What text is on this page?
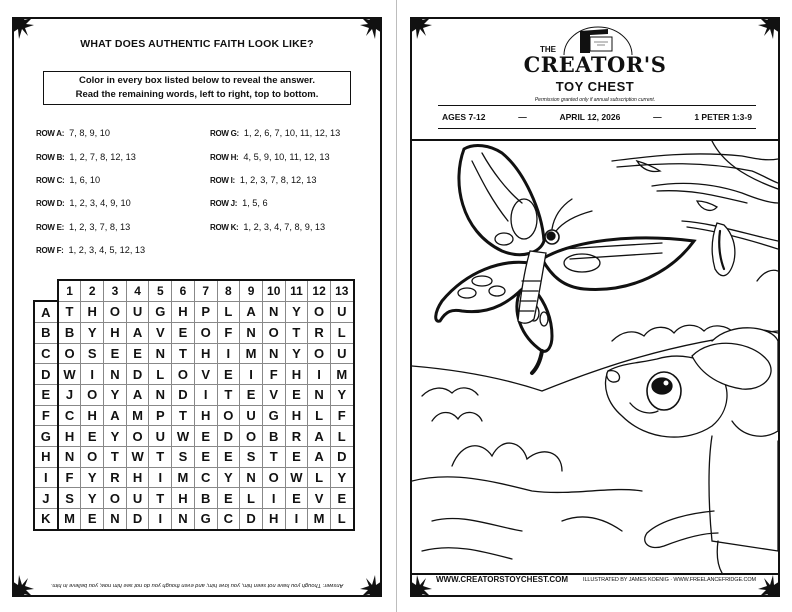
WHAT DOES AUTHENTIC FAITH LOOK LIKE?
Color in every box listed below to reveal the answer.
Read the remaining words, left to right, top to bottom.
ROW A: 7, 8, 9, 10
ROW B: 1, 2, 7, 8, 12, 13
ROW C: 1, 6, 10
ROW D: 1, 2, 3, 4, 9, 10
ROW E: 1, 2, 3, 7, 8, 13
ROW F: 1, 2, 3, 4, 5, 12, 13
ROW G: 1, 2, 6, 7, 10, 11, 12, 13
ROW H: 4, 5, 9, 10, 11, 12, 13
ROW I: 1, 2, 3, 7, 8, 12, 13
ROW J: 1, 5, 6
ROW K: 1, 2, 3, 4, 7, 8, 9, 13
	1	2	3	4	5	6	7	8	9	10	11	12	13
A	T	H	O	U	G	H	P	L	A	N	Y	O	U
B	B	Y	H	A	V	E	O	F	N	O	T	R	L
C	O	S	E	E	N	T	H	I	M	N	Y	O	U
D	W	I	N	D	L	O	V	E	I	F	H	I	M
E	J	O	Y	A	N	D	I	T	E	V	E	N	Y
F	C	H	A	M	P	T	H	O	U	G	H	L	F
G	H	E	Y	O	U	W	E	D	O	B	R	A	L
H	N	O	T	W	T	S	E	E	S	T	E	A	D
I	F	Y	R	H	I	M	C	Y	N	O	W	L	Y
J	S	Y	O	U	T	H	B	E	L	I	E	V	E
K	M	E	N	D	I	N	G	C	D	H	I	M	L
Answer: Though you have not seen him, you love him; and even though you do not see him now, you believe in him.
THE
CREATOR'S
TOY CHEST
Permission granted only if annual subscription current.
AGES 7-12	—	APRIL 12, 2026	—	1 PETER 1:3-9
WWW.CREATORSTOYCHEST.COM	ILLUSTRATED BY JAMES KOENIG · WWW.FREELANCEFRIDGE.COM
